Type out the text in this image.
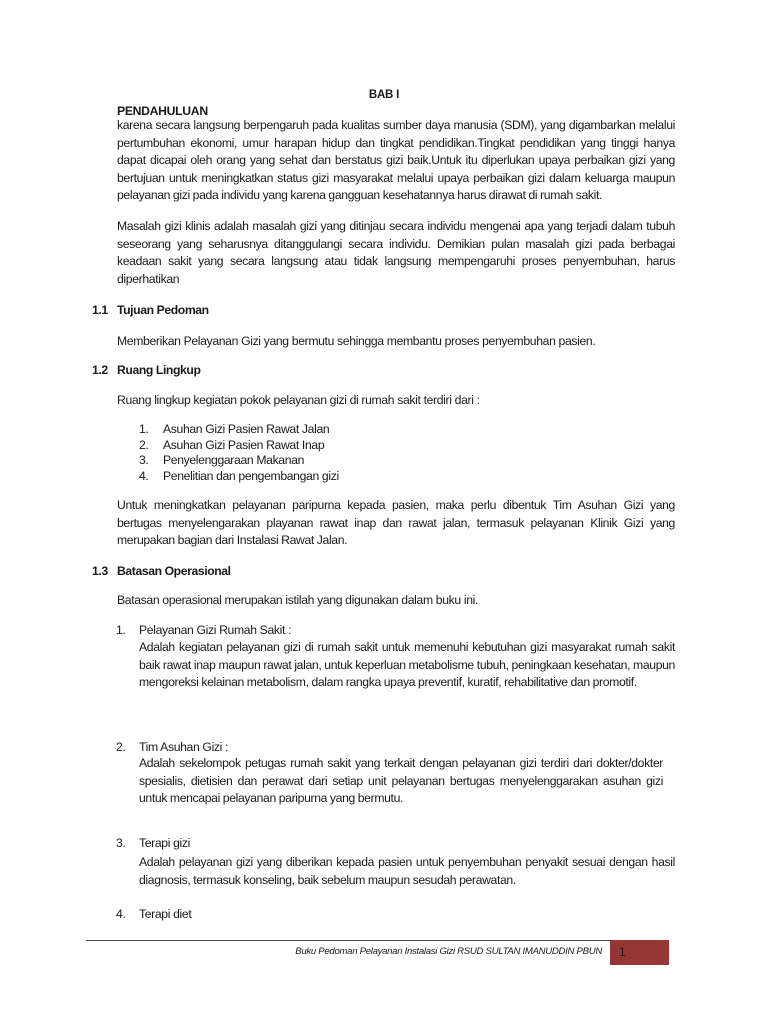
BAB I
PENDAHULUAN
karena secara langsung berpengaruh pada kualitas sumber daya manusia (SDM), yang digambarkan melalui pertumbuhan ekonomi, umur harapan hidup dan tingkat pendidikan.Tingkat pendidikan yang tinggi hanya dapat dicapai oleh orang yang sehat dan berstatus gizi baik.Untuk itu diperlukan upaya perbaikan gizi yang bertujuan untuk meningkatkan status gizi masyarakat melalui upaya perbaikan gizi dalam keluarga maupun pelayanan gizi pada individu yang karena gangguan kesehatannya harus dirawat di rumah sakit.
Masalah gizi klinis adalah masalah gizi yang ditinjau secara individu mengenai apa yang terjadi dalam tubuh seseorang yang seharusnya ditanggulangi secara individu. Demikian pulan masalah gizi pada berbagai keadaan sakit yang secara langsung atau tidak langsung mempengaruhi proses penyembuhan, harus diperhatikan
1.1 Tujuan Pedoman
Memberikan Pelayanan Gizi yang bermutu sehingga membantu proses penyembuhan pasien.
1.2 Ruang Lingkup
Ruang lingkup kegiatan pokok pelayanan gizi di rumah sakit terdiri dari :
1. Asuhan Gizi Pasien Rawat Jalan
2. Asuhan Gizi Pasien Rawat Inap
3. Penyelenggaraan Makanan
4. Penelitian dan pengembangan gizi
Untuk meningkatkan pelayanan paripurna kepada pasien, maka perlu dibentuk Tim Asuhan Gizi yang bertugas menyelengarakan playanan rawat inap dan rawat jalan, termasuk pelayanan Klinik Gizi yang merupakan bagian dari Instalasi Rawat Jalan.
1.3 Batasan Operasional
Batasan operasional merupakan istilah yang digunakan dalam buku ini.
1. Pelayanan Gizi Rumah Sakit :
Adalah kegiatan pelayanan gizi di rumah sakit untuk memenuhi kebutuhan gizi masyarakat rumah sakit baik rawat inap maupun rawat jalan, untuk keperluan metabolisme tubuh, peningkaan kesehatan, maupun mengoreksi kelainan metabolism, dalam rangka upaya preventif, kuratif, rehabilitative dan promotif.
2. Tim Asuhan Gizi :
Adalah sekelompok petugas rumah sakit yang terkait dengan pelayanan gizi terdiri dari dokter/dokter spesialis, dietisien dan perawat dari setiap unit pelayanan bertugas menyelenggarakan asuhan gizi untuk mencapai pelayanan paripurna yang bermutu.
3. Terapi gizi
Adalah pelayanan gizi yang diberikan kepada pasien untuk penyembuhan penyakit sesuai dengan hasil diagnosis, termasuk konseling, baik sebelum maupun sesudah perawatan.
4. Terapi diet
Buku Pedoman Pelayanan Instalasi Gizi RSUD SULTAN IMANUDDIN PBUN 1
